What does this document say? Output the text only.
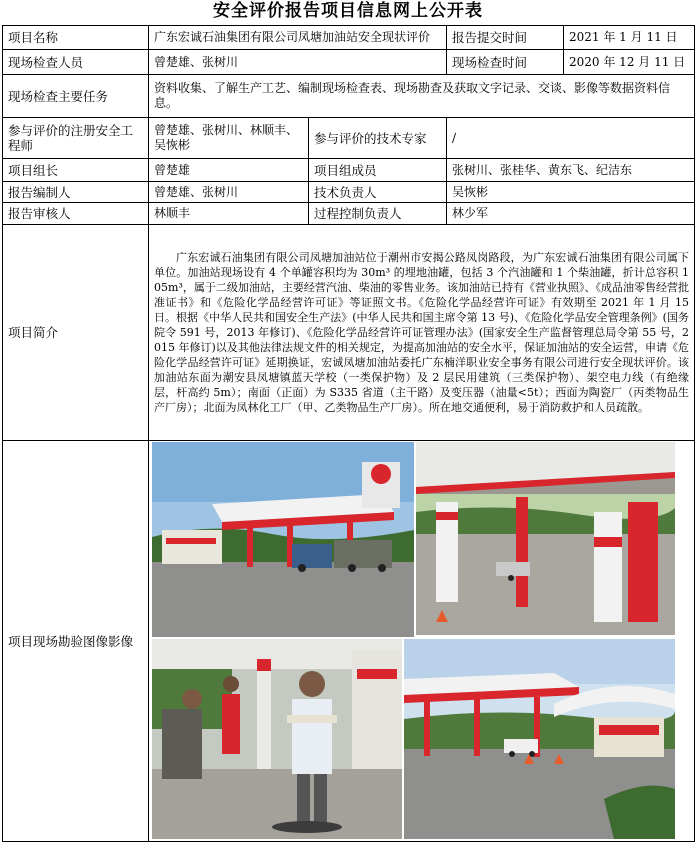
安全评价报告项目信息网上公开表
项目名称	广东宏诚石油集团有限公司凤塘加油站安全现状评价		报告提交时间	2021 年 1 月 11 日
现场检查人员	曾楚雄、张树川		现场检查时间	2020 年 12 月 11 日
现场检查主要任务	资料收集、了解生产工艺、编制现场检查表、现场勘查及获取文字记录、交谈、影像等数据资料信息。			
参与评价的注册安全工程师	曾楚雄、张树川、林顺丰、吴恢彬	参与评价的技术专家	/	
项目组长	曾楚雄	项目组成员	张树川、张桂华、黄东飞、纪洁东	
报告编制人	曾楚雄、张树川	技术负责人	吴恢彬	
报告审核人	林顺丰	过程控制负责人	林少军	
项目简介	广东宏诚石油集团有限公司凤塘加油站位于潮州市安揭公路凤岗路段，为广东宏诚石油集团有限公司属下单位。加油站现场设有 4 个单罐容积均为 30m³ 的埋地油罐，包括 3 个汽油罐和 1 个柴油罐，折计总容积 105m³，属于二级加油站，主要经营汽油、柴油的零售业务。该加油站已持有《营业执照》、《成品油零售经营批准证书》和《危险化学品经营许可证》等证照文书。《危险化学品经营许可证》有效期至 2021 年 1 月 15 日。根据《中华人民共和国安全生产法》(中华人民共和国主席令第 13 号)、《危险化学品安全管理条例》(国务院令 591 号，2013 年修订)、《危险化学品经营许可证管理办法》(国家安全生产监督管理总局令第 55 号，2015 年修订)以及其他法律法规文件的相关规定，为提高加油站的安全水平，保证加油站的安全运营，申请《危险化学品经营许可证》延期换证，宏诚凤塘加油站委托广东楠洋职业安全事务有限公司进行安全现状评价。该加油站东面为潮安县凤塘镇蓝天学校（一类保护物）及 2 层民用建筑（三类保护物）、架空电力线（有绝缘层，杆高约 5m）；南面（正面）为 S335 省道（主干路）及变压器（油量<5t）；西面为陶瓷厂（丙类物品生产厂房）；北面为凤林化工厂（甲、乙类物品生产厂房）。所在地交通便利，易于消防救护和人员疏散。			
项目现场勘验图像影像	
